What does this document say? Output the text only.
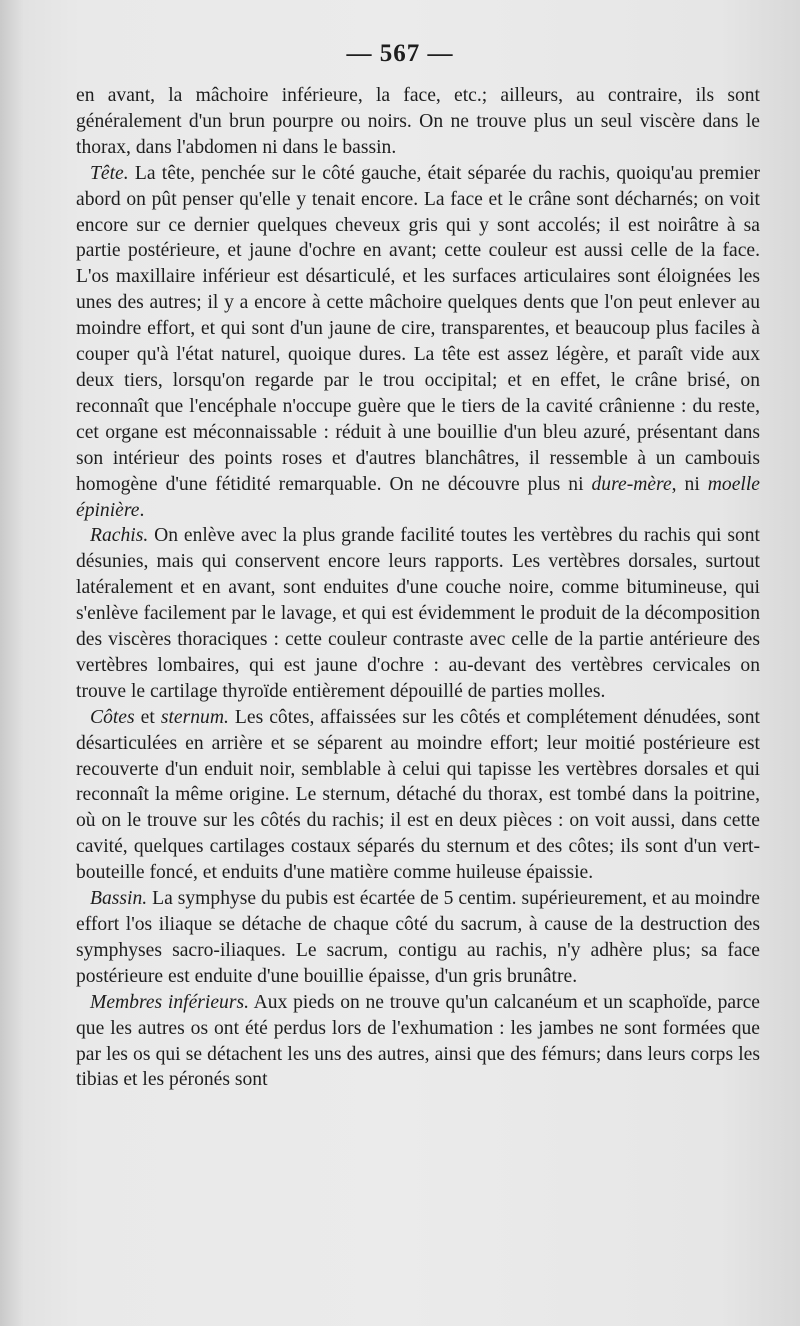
— 567 —

en avant, la mâchoire inférieure, la face, etc.; ailleurs, au contraire, ils sont généralement d'un brun pourpre ou noirs. On ne trouve plus un seul viscère dans le thorax, dans l'abdomen ni dans le bassin.

Tête. La tête, penchée sur le côté gauche, était séparée du rachis, quoiqu'au premier abord on pût penser qu'elle y tenait encore. La face et le crâne sont décharnés; on voit encore sur ce dernier quelques cheveux gris qui y sont accolés; il est noirâtre à sa partie postérieure, et jaune d'ochre en avant; cette couleur est aussi celle de la face. L'os maxillaire inférieur est désarticulé, et les surfaces articulaires sont éloignées les unes des autres; il y a encore à cette mâchoire quelques dents que l'on peut enlever au moindre effort, et qui sont d'un jaune de cire, transparentes, et beaucoup plus faciles à couper qu'à l'état naturel, quoique dures. La tête est assez légère, et paraît vide aux deux tiers, lorsqu'on regarde par le trou occipital; et en effet, le crâne brisé, on reconnaît que l'encéphale n'occupe guère que le tiers de la cavité crânienne : du reste, cet organe est méconnaissable : réduit à une bouillie d'un bleu azuré, présentant dans son intérieur des points roses et d'autres blanchâtres, il ressemble à un cambouis homogène d'une fétidité remarquable. On ne découvre plus ni dure-mère, ni moelle épinière.

Rachis. On enlève avec la plus grande facilité toutes les vertèbres du rachis qui sont désunies, mais qui conservent encore leurs rapports. Les vertèbres dorsales, surtout latéralement et en avant, sont enduites d'une couche noire, comme bitumineuse, qui s'enlève facilement par le lavage, et qui est évidemment le produit de la décomposition des viscères thoraciques : cette couleur contraste avec celle de la partie antérieure des vertèbres lombaires, qui est jaune d'ochre : au-devant des vertèbres cervicales on trouve le cartilage thyroïde entièrement dépouillé de parties molles.

Côtes et sternum. Les côtes, affaissées sur les côtés et complétement dénudées, sont désarticulées en arrière et se séparent au moindre effort; leur moitié postérieure est recouverte d'un enduit noir, semblable à celui qui tapisse les vertèbres dorsales et qui reconnaît la même origine. Le sternum, détaché du thorax, est tombé dans la poitrine, où on le trouve sur les côtés du rachis; il est en deux pièces : on voit aussi, dans cette cavité, quelques cartilages costaux séparés du sternum et des côtes; ils sont d'un vert-bouteille foncé, et enduits d'une matière comme huileuse épaissie.

Bassin. La symphyse du pubis est écartée de 5 centim. supérieurement, et au moindre effort l'os iliaque se détache de chaque côté du sacrum, à cause de la destruction des symphyses sacro-iliaques. Le sacrum, contigu au rachis, n'y adhère plus; sa face postérieure est enduite d'une bouillie épaisse, d'un gris brunâtre.

Membres inférieurs. Aux pieds on ne trouve qu'un calcanéum et un scaphoïde, parce que les autres os ont été perdus lors de l'exhumation : les jambes ne sont formées que par les os qui se détachent les uns des autres, ainsi que des fémurs; dans leurs corps les tibias et les péronés sont
